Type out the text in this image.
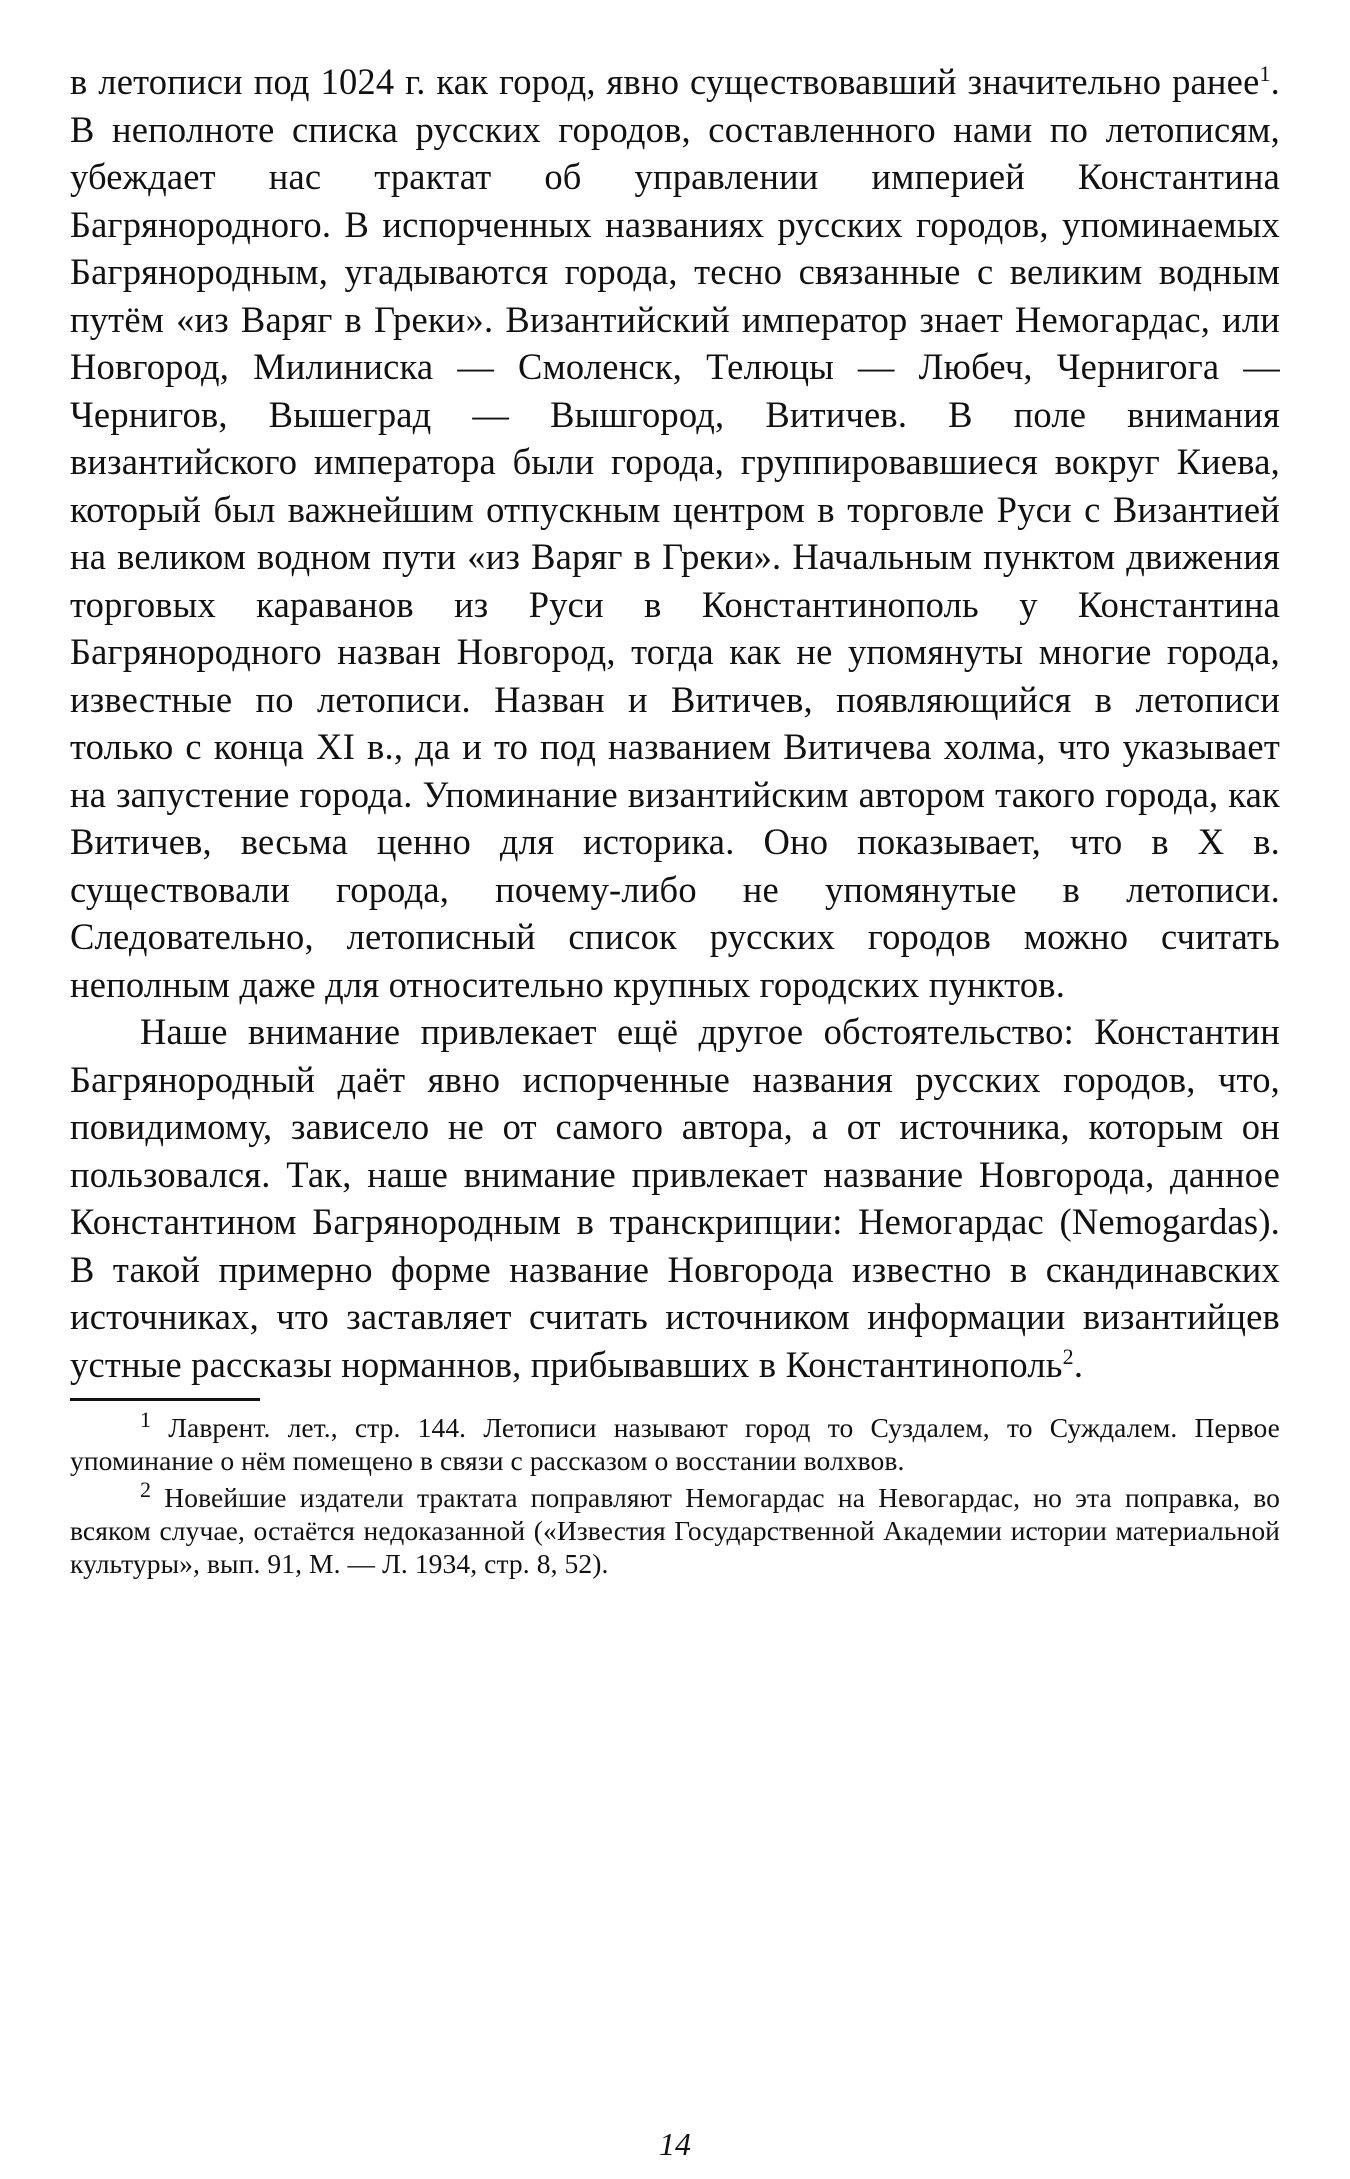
в летописи под 1024 г. как город, явно существовавший значительно ранее$^1$. В неполноте списка русских городов, составленного нами по летописям, убеждает нас трактат об управлении империей Константина Багрянородного. В испорченных названиях русских городов, упоминаемых Багрянородным, угадываются города, тесно связанные с великим водным путём «из Варяг в Греки». Византийский император знает Немогардас, или Новгород, Милиниска — Смоленск, Телюцы — Любеч, Чернигога — Чернигов, Вышеград — Вышгород, Витичев. В поле внимания византийского императора были города, группировавшиеся вокруг Киева, который был важнейшим отпускным центром в торговле Руси с Византией на великом водном пути «из Варяг в Греки». Начальным пунктом движения торговых караванов из Руси в Константинополь у Константина Багрянородного назван Новгород, тогда как не упомянуты многие города, известные по летописи. Назван и Витичев, появляющийся в летописи только с конца XI в., да и то под названием Витичева холма, что указывает на запустение города. Упоминание византийским автором такого города, как Витичев, весьма ценно для историка. Оно показывает, что в X в. существовали города, почему-либо не упомянутые в летописи. Следовательно, летописный список русских городов можно считать неполным даже для относительно крупных городских пунктов.

Наше внимание привлекает ещё другое обстоятельство: Константин Багрянородный даёт явно испорченные названия русских городов, что, повидимому, зависело не от самого автора, а от источника, которым он пользовался. Так, наше внимание привлекает название Новгорода, данное Константином Багрянородным в транскрипции: Немогардас (Nemogardas). В такой примерно форме название Новгорода известно в скандинавских источниках, что заставляет считать источником информации византийцев устные рассказы норманнов, прибывавших в Константинополь$^2$.

$^1$ Лаврент. лет., стр. 144. Летописи называют город то Суздалем, то Суждалем. Первое упоминание о нём помещено в связи с рассказом о восстании волхвов.

$^2$ Новейшие издатели трактата поправляют Немогардас на Невогардас, но эта поправка, во всяком случае, остаётся недоказанной («Известия Государственной Академии истории материальной культуры», вып. 91, М. — Л. 1934, стр. 8, 52).

14
